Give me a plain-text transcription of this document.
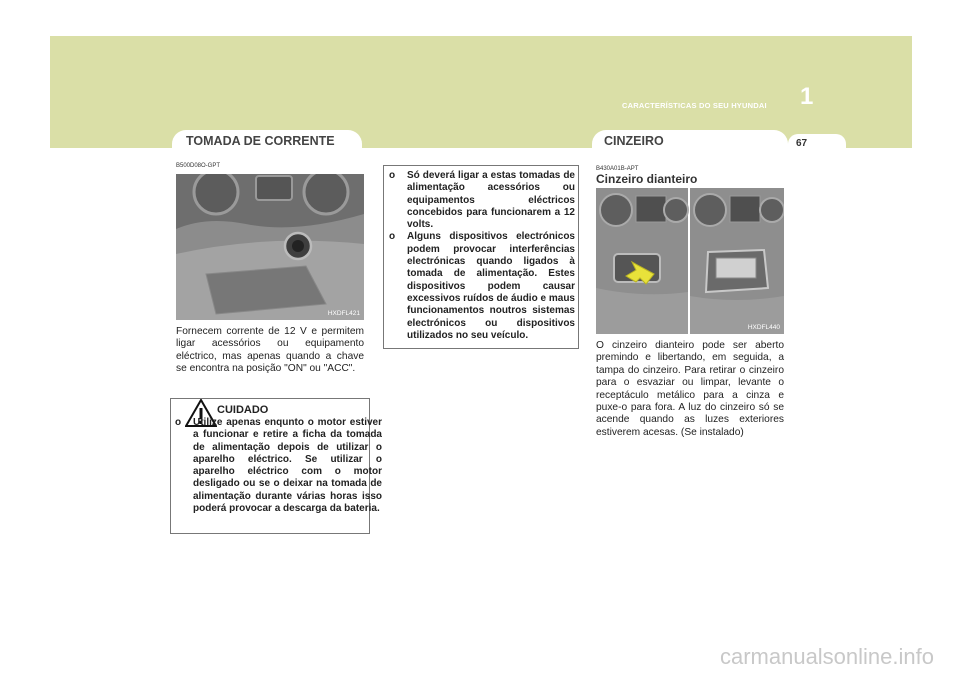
CARACTERÍSTICAS DO SEU HYUNDAI 1
67
TOMADA DE CORRENTE
B500D08O-GPT
HXDFL421
Fornecem corrente de 12 V e permitem ligar acessórios ou equipamento eléctrico, mas apenas quando a chave se encontra na posição "ON" ou "ACC".
CUIDADO
o Utilize apenas enqunto o motor estiver a funcionar e retire a ficha da tomada de alimentação depois de utilizar o aparelho eléctrico. Se utilizar o aparelho eléctrico com o motor desligado ou se o deixar na tomada de alimentação durante várias horas isso poderá provocar a descarga da bateria.
o Só deverá ligar a estas tomadas de alimentação acessórios ou equipamentos eléctricos concebidos para funcionarem a 12 volts.
o Alguns dispositivos electrónicos podem provocar interferências electrónicas quando ligados à tomada de alimentação. Estes dispositivos podem causar excessivos ruídos de áudio e maus funcionamentos noutros sistemas electrónicos ou dispositivos utilizados no seu veículo.
CINZEIRO
B430A01B-APT
Cinzeiro dianteiro
HXDFL440
O cinzeiro dianteiro pode ser aberto premindo e libertando, em seguida, a tampa do cinzeiro. Para retirar o cinzeiro para o esvaziar ou limpar, levante o receptáculo metálico para a cinza e puxe-o para fora. A luz do cinzeiro só se acende quando as luzes exteriores estiverem acesas. (Se instalado)
carmanualsonline.info
